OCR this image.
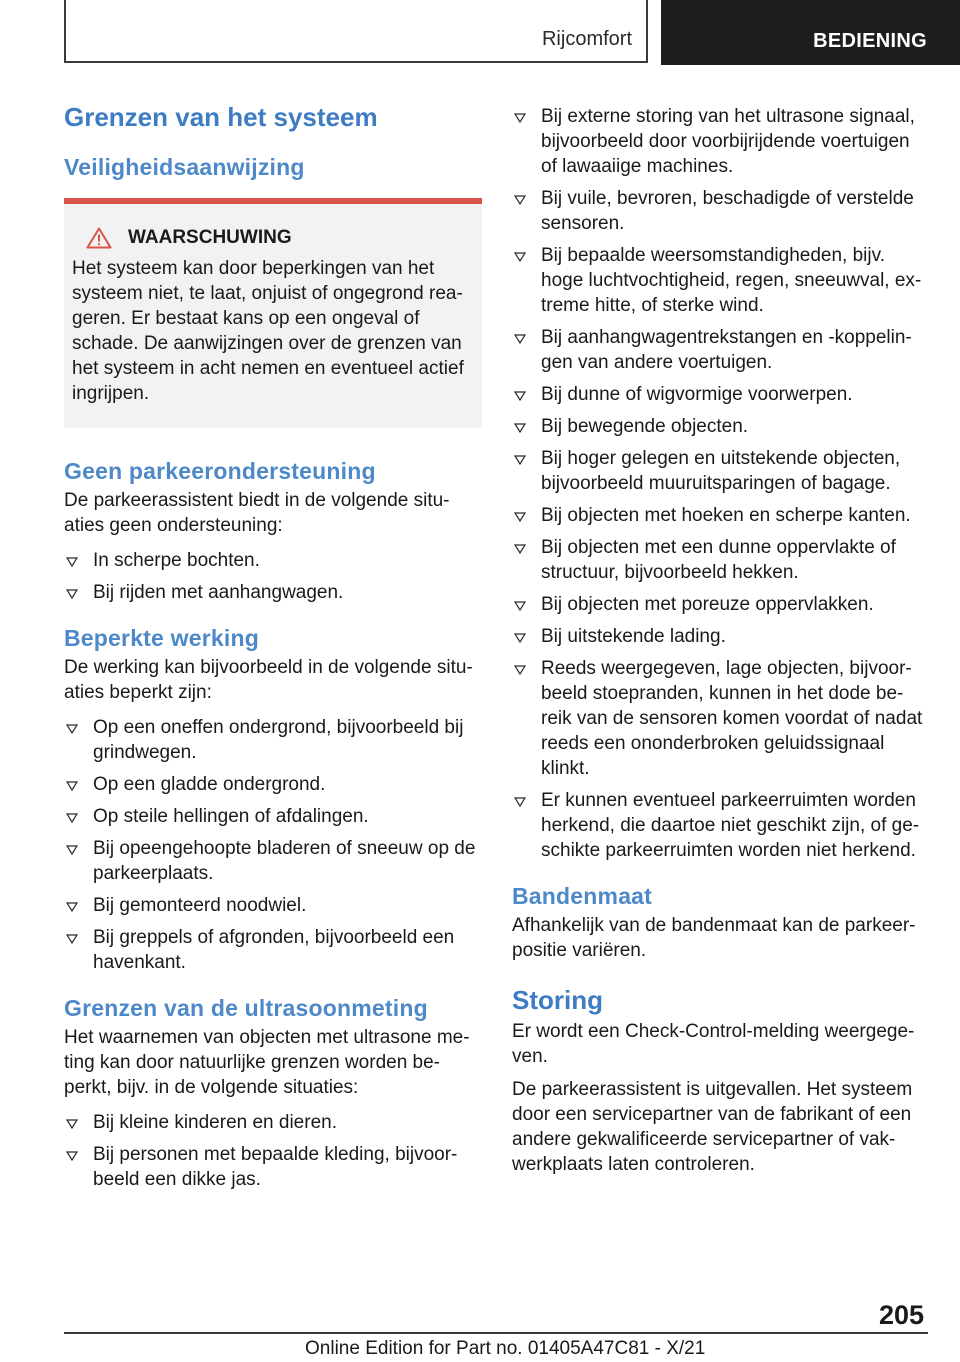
Rijcomfort	BEDIENING
Grenzen van het systeem
Veiligheidsaanwijzing
WAARSCHUWING

Het systeem kan door beperkingen van het systeem niet, te laat, onjuist of ongegrond rea-geren. Er bestaat kans op een ongeval of schade. De aanwijzingen over de grenzen van het systeem in acht nemen en eventueel actief ingrijpen.

Geen parkeerondersteuning

De parkeerassistent biedt in de volgende situ-aties geen ondersteuning:

In scherpe bochten.
Bij rijden met aanhangwagen.
Beperkte werking

De werking kan bijvoorbeeld in de volgende situ-aties beperkt zijn:

Op een oneffen ondergrond, bijvoorbeeld bij grindwegen.
Op een gladde ondergrond.
Op steile hellingen of afdalingen.
Bij opeengehoopte bladeren of sneeuw op de parkeerplaats.
Bij gemonteerd noodwiel.
Bij greppels of afgronden, bijvoorbeeld een havenkant.
Grenzen van de ultrasoonmeting

Het waarnemen van objecten met ultrasone me-ting kan door natuurlijke grenzen worden be-perkt, bijv. in de volgende situaties:

Bij kleine kinderen en dieren.
Bij personen met bepaalde kleding, bijvoor-beeld een dikke jas.
Bij externe storing van het ultrasone signaal, bijvoorbeeld door voorbijrijdende voertuigen of lawaaiige machines.
Bij vuile, bevroren, beschadigde of verstelde sensoren.
Bij bepaalde weersomstandigheden, bijv. hoge luchtvochtigheid, regen, sneeuwval, ex-treme hitte, of sterke wind.
Bij aanhangwagentrekstangen en -koppelin-gen van andere voertuigen.
Bij dunne of wigvormige voorwerpen.
Bij bewegende objecten.
Bij hoger gelegen en uitstekende objecten, bijvoorbeeld muuruitsparingen of bagage.
Bij objecten met hoeken en scherpe kanten.
Bij objecten met een dunne oppervlakte of structuur, bijvoorbeeld hekken.
Bij objecten met poreuze oppervlakken.
Bij uitstekende lading.
Reeds weergegeven, lage objecten, bijvoor-beeld stoepranden, kunnen in het dode be-reik van de sensoren komen voordat of nadat reeds een ononderbroken geluidssignaal klinkt.
Er kunnen eventueel parkeerruimten worden herkend, die daartoe niet geschikt zijn, of ge-schikte parkeerruimten worden niet herkend.
Bandenmaat

Afhankelijk van de bandenmaat kan de parkeer-positie variëren.

Storing

Er wordt een Check-Control-melding weergege-ven.

De parkeerassistent is uitgevallen. Het systeem door een servicepartner van de fabrikant of een andere gekwalificeerde servicepartner of vak-werkplaats laten controleren.

205
Online Edition for Part no. 01405A47C81 - X/21
